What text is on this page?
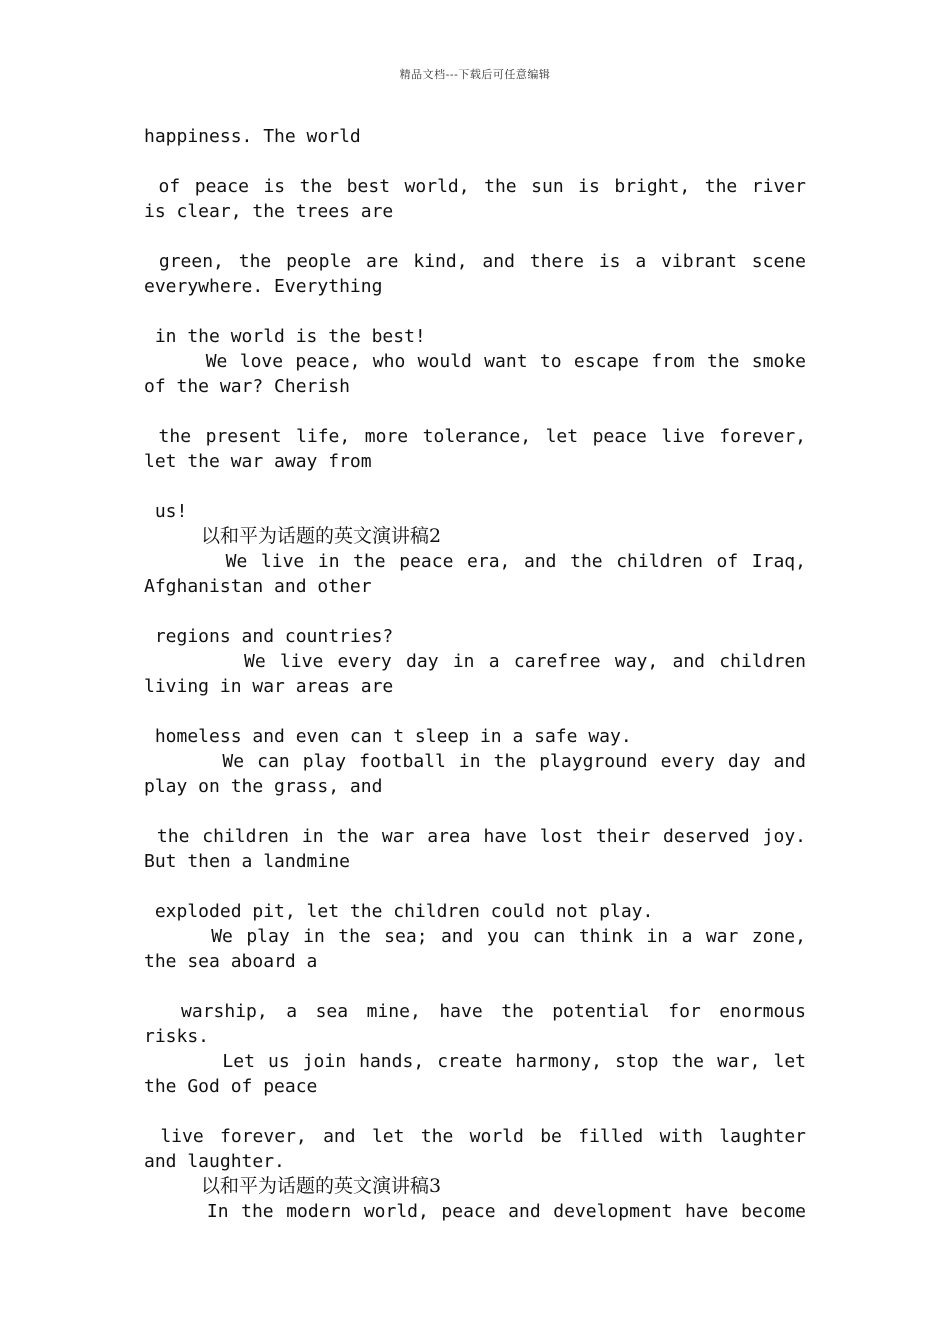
精品文档---下载后可任意编辑
happiness. The world
of peace is the best world, the sun is bright, the river
is clear, the trees are
green, the people are kind, and there is a vibrant scene
everywhere. Everything
in the world is the best!
We love peace, who would want to escape from the smoke
of the war? Cherish
the present life, more tolerance, let peace live forever,
let the war away from
us!
以和平为话题的英文演讲稿2
We live in the peace era, and the children of Iraq,
Afghanistan and other
regions and countries?
We live every day in a carefree way, and children
living in war areas are
homeless and even can t sleep in a safe way.
We can play football in the playground every day and
play on the grass, and
the children in the war area have lost their deserved joy.
But then a landmine
exploded pit, let the children could not play.
We play in the sea; and you can think in a war zone,
the sea aboard a
warship, a sea mine, have the potential for enormous
risks.
Let us join hands, create harmony, stop the war, let
the God of peace
live forever, and let the world be filled with laughter
and laughter.
以和平为话题的英文演讲稿3
In the modern world, peace and development have become
